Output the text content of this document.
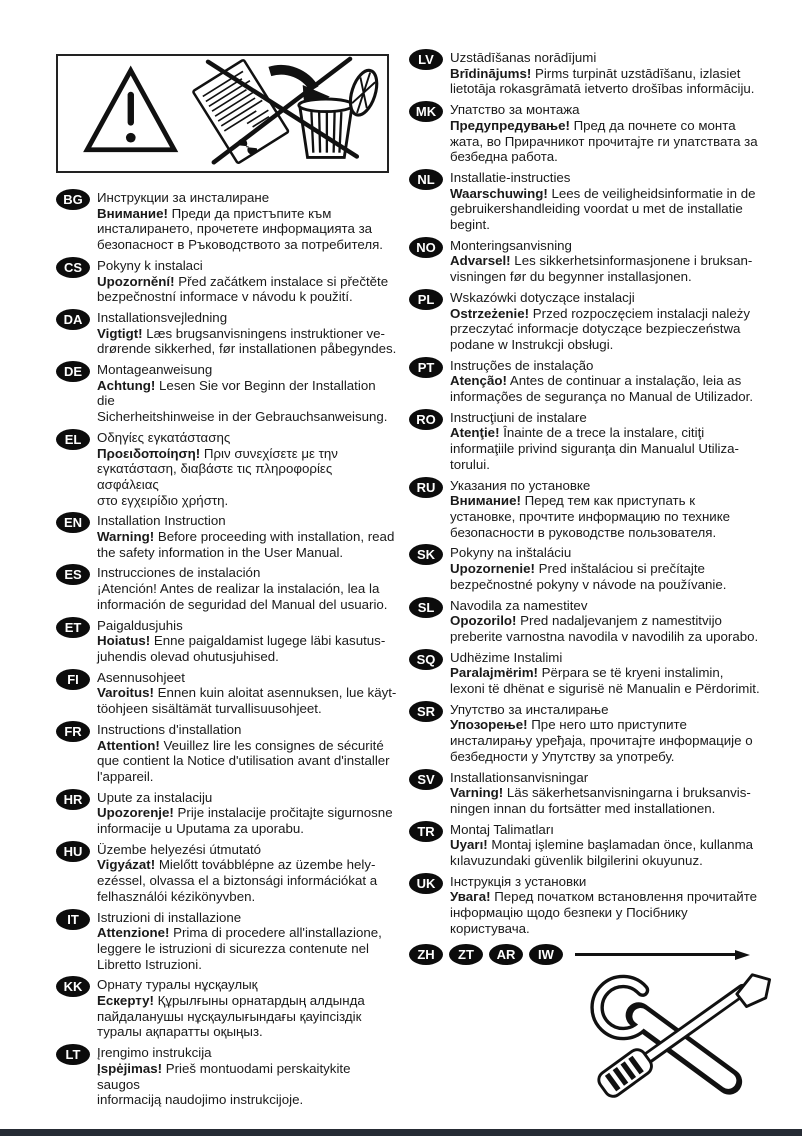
BG	Инструкции за инсталиране
Внимание! Преди да пристъпите към
инсталирането, прочетете информацията за
безопасност в Ръководството за потребителя.
CS	Pokyny k instalaci
Upozornění! Před začátkem instalace si přečtěte
bezpečnostní informace v návodu k použití.
DA	Installationsvejledning
Vigtigt! Læs brugsanvisningens instruktioner ve-
drørende sikkerhed, før installationen påbegyndes.
DE	Montageanweisung
Achtung! Lesen Sie vor Beginn der Installation die
Sicherheitshinweise in der Gebrauchsanweisung.
EL	Οδηγίες εγκατάστασης
Προειδοποίηση! Πριν συνεχίσετε με την
εγκατάσταση, διαβάστε τις πληροφορίες ασφάλειας
στο εγχειρίδιο χρήστη.
EN	Installation Instruction
Warning! Before proceeding with installation, read
the safety information in the User Manual.
ES	Instrucciones de instalación
¡Atención! Antes de realizar la instalación, lea la
información de seguridad del Manual del usuario.
ET	Paigaldusjuhis
Hoiatus! Enne paigaldamist lugege läbi kasutus-
juhendis olevad ohutusjuhised.
FI	Asennusohjeet
Varoitus! Ennen kuin aloitat asennuksen, lue käyt-
töohjeen sisältämät turvallisuusohjeet.
FR	Instructions d'installation
Attention! Veuillez lire les consignes de sécurité
que contient la Notice d'utilisation avant d'installer
l'appareil.
HR	Upute za instalaciju
Upozorenje! Prije instalacije pročitajte sigurnosne
informacije u Uputama za uporabu.
HU	Üzembe helyezési útmutató
Vigyázat! Mielőtt továbblépne az üzembe hely-
ezéssel, olvassa el a biztonsági információkat a
felhasználói kézikönyvben.
IT	Istruzioni di installazione
Attenzione! Prima di procedere all'installazione,
leggere le istruzioni di sicurezza contenute nel
Libretto Istruzioni.
KK	Орнату туралы нұсқаулық
Ескерту! Құрылғыны орнатардың алдында
пайдаланушы нұсқаулығындағы қауіпсіздік
туралы ақпаратты оқыңыз.
LT	Įrengimo instrukcija
Įspėjimas! Prieš montuodami perskaitykite saugos
informaciją naudojimo instrukcijoje.
LV	Uzstādīšanas norādījumi
Brīdinājums! Pirms turpināt uzstādīšanu, izlasiet
lietotāja rokasgrāmatā ietverto drošības informāciju.
MK	Упатство за монтажа
Предупредување! Пред да почнете со монта
жата, во Прирачникот прочитајте ги упатствата за
безбедна работа.
NL	Installatie-instructies
Waarschuwing! Lees de veiligheidsinformatie in de
gebruikershandleiding voordat u met de installatie
begint.
NO	Monteringsanvisning
Advarsel! Les sikkerhetsinformasjonene i bruksan-
visningen før du begynner installasjonen.
PL	Wskazówki dotyczące instalacji
Ostrzeżenie! Przed rozpoczęciem instalacji należy
przeczytać informacje dotyczące bezpieczeństwa
podane w Instrukcji obsługi.
PT	Instruções de instalação
Atenção! Antes de continuar a instalação, leia as
informações de segurança no Manual de Utilizador.
RO	Instrucţiuni de instalare
Atenţie! Înainte de a trece la instalare, citiţi
informaţiile privind siguranţa din Manualul Utiliza-
torului.
RU	Указания по установке
Внимание! Перед тем как приступать к
установке, прочтите информацию по технике
безопасности в руководстве пользователя.
SK	Pokyny na inštaláciu
Upozornenie! Pred inštaláciou si prečítajte
bezpečnostné pokyny v návode na používanie.
SL	Navodila za namestitev
Opozorilo! Pred nadaljevanjem z namestitvijo
preberite varnostna navodila v navodilih za uporabo.
SQ	Udhëzime Instalimi
Paralajmërim! Përpara se të kryeni instalimin,
lexoni të dhënat e sigurisë në Manualin e Përdorimit.
SR	Упутство за инсталирање
Упозорење! Пре него што приступите
инсталирању уређаја, прочитајте информације о
безбедности у Упутству за употребу.
SV	Installationsanvisningar
Varning! Läs säkerhetsanvisningarna i bruksanvis-
ningen innan du fortsätter med installationen.
TR	Montaj Talimatları
Uyarı! Montaj işlemine başlamadan önce, kullanma
kılavuzundaki güvenlik bilgilerini okuyunuz.
UK	Інструкція з установки
Увага! Перед початком встановлення прочитайте
інформацію щодо безпеки у Посібнику
користувача.
ZH	ZT	AR	IW
